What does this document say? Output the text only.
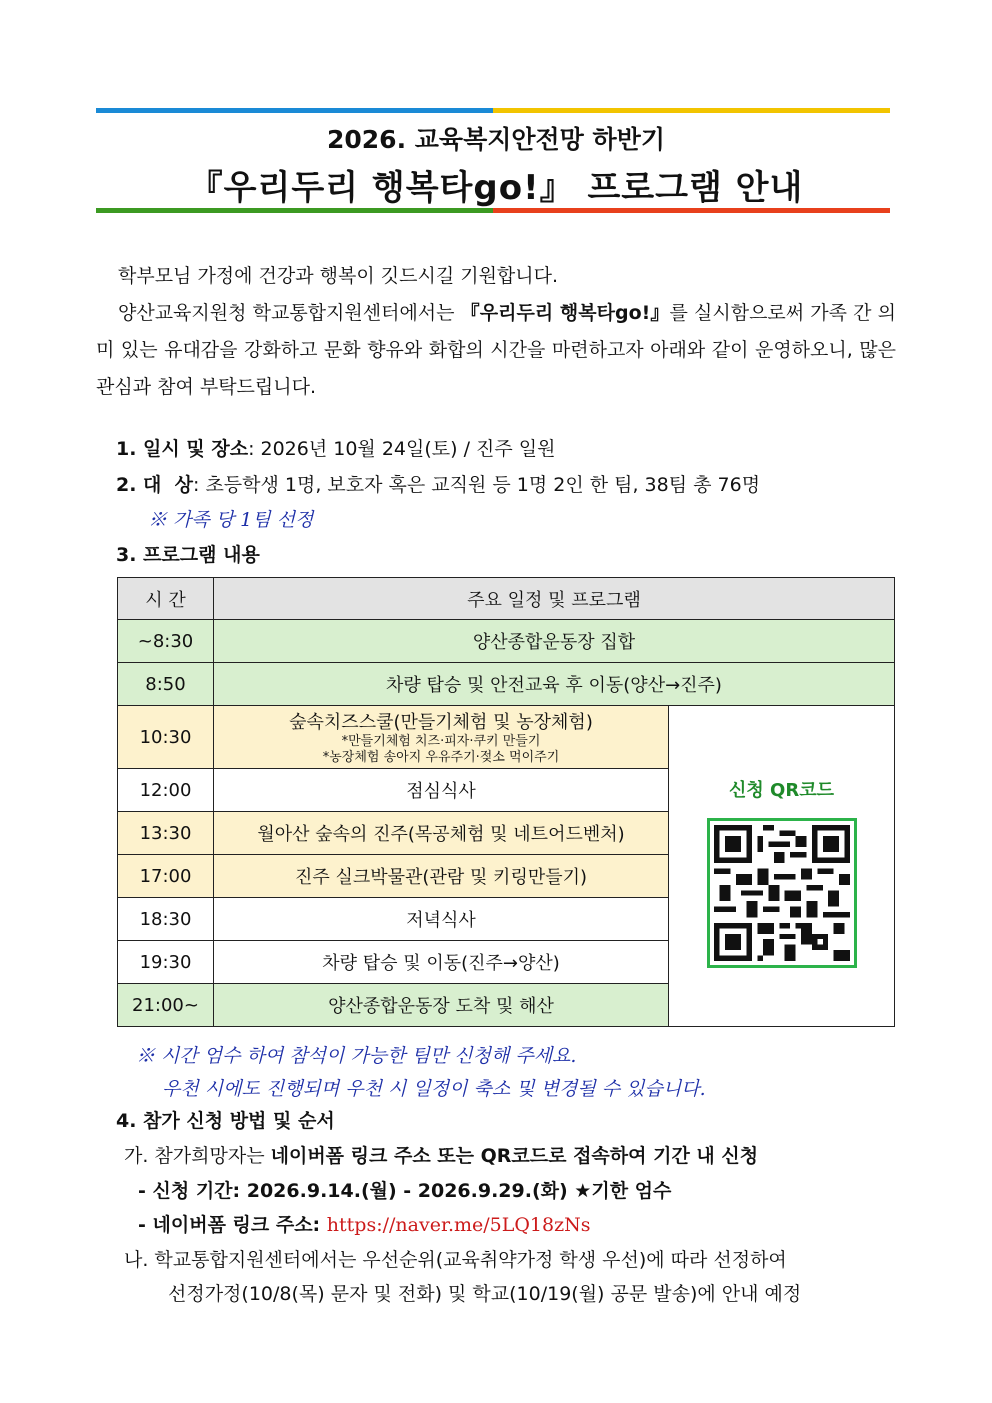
2026. 교육복지안전망 하반기
『우리두리 행복타go!』 프로그램 안내
학부모님 가정에 건강과 행복이 깃드시길 기원합니다.
양산교육지원청 학교통합지원센터에서는 『우리두리 행복타go!』를 실시함으로써 가족 간 의미 있는 유대감을 강화하고 문화 향유와 화합의 시간을 마련하고자 아래와 같이 운영하오니, 많은 관심과 참여 부탁드립니다.
1. 일시 및 장소: 2026년 10월 24일(토) / 진주 일원
2. 대  상: 초등학생 1명, 보호자 혹은 교직원 등 1명 2인 한 팀, 38팀 총 76명
※ 가족 당 1팀 선정
3. 프로그램 내용
시 간	주요 일정 및 프로그램	
~8:30	양산종합운동장 집합	
8:50	차량 탑승 및 안전교육 후 이동(양산→진주)	
10:30	숲속치즈스쿨(만들기체험 및 농장체험)
*만들기체험 치즈·피자·쿠키 만들기
*농장체험 송아지 우유주기·젖소 먹이주기	신청 QR코드

12:00	점심식사	
13:30	월아산 숲속의 진주(목공체험 및 네트어드벤처)	
17:00	진주 실크박물관(관람 및 키링만들기)	
18:30	저녁식사	
19:30	차량 탑승 및 이동(진주→양산)	
21:00~	양산종합운동장 도착 및 해산	
※ 시간 엄수 하여 참석이 가능한 팀만 신청해 주세요.
우천 시에도 진행되며 우천 시 일정이 축소 및 변경될 수 있습니다.
4. 참가 신청 방법 및 순서
가. 참가희망자는 네이버폼 링크 주소 또는 QR코드로 접속하여 기간 내 신청
- 신청 기간: 2026.9.14.(월) - 2026.9.29.(화) ★기한 엄수
- 네이버폼 링크 주소: https://naver.me/5LQ18zNs
나. 학교통합지원센터에서는 우선순위(교육취약가정 학생 우선)에 따라 선정하여
선정가정(10/8(목) 문자 및 전화) 및 학교(10/19(월) 공문 발송)에 안내 예정
